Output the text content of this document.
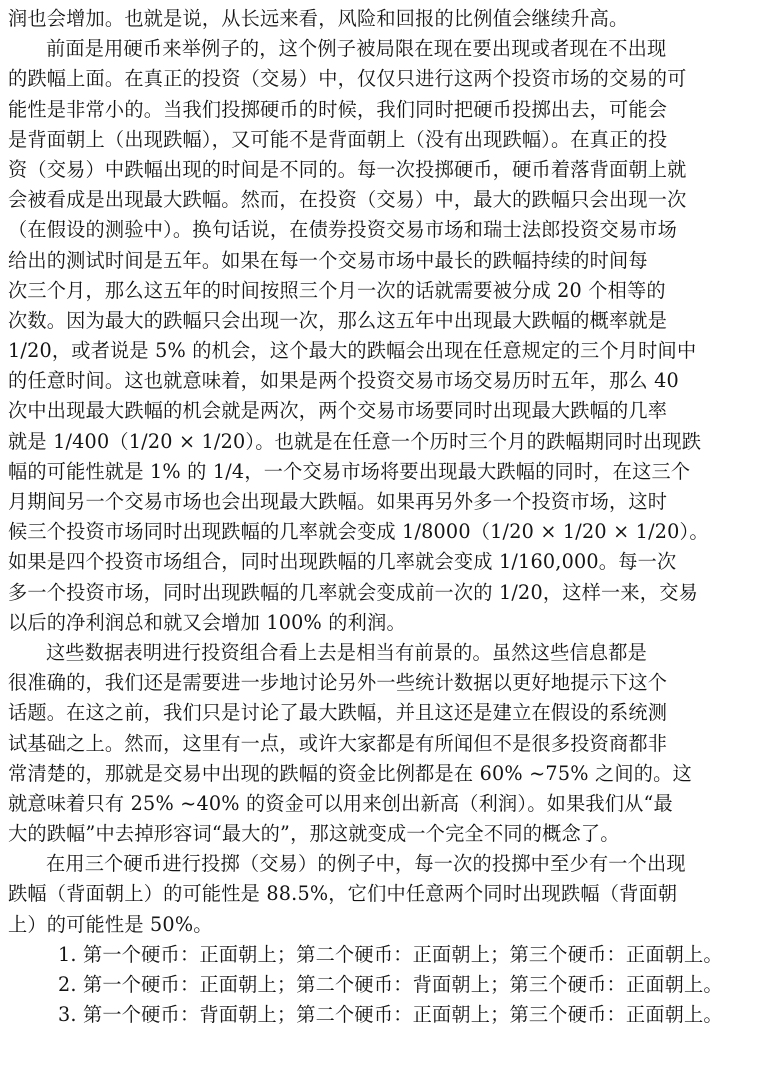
润也会增加。也就是说，从长远来看，风险和回报的比例值会继续升高。
前面是用硬币来举例子的，这个例子被局限在现在要出现或者现在不出现
的跌幅上面。在真正的投资（交易）中，仅仅只进行这两个投资市场的交易的可
能性是非常小的。当我们投掷硬币的时候，我们同时把硬币投掷出去，可能会
是背面朝上（出现跌幅），又可能不是背面朝上（没有出现跌幅）。在真正的投
资（交易）中跌幅出现的时间是不同的。每一次投掷硬币，硬币着落背面朝上就
会被看成是出现最大跌幅。然而，在投资（交易）中，最大的跌幅只会出现一次
（在假设的测验中）。换句话说，在债券投资交易市场和瑞士法郎投资交易市场
给出的测试时间是五年。如果在每一个交易市场中最长的跌幅持续的时间每
次三个月，那么这五年的时间按照三个月一次的话就需要被分成 20 个相等的
次数。因为最大的跌幅只会出现一次，那么这五年中出现最大跌幅的概率就是
1/20，或者说是 5% 的机会，这个最大的跌幅会出现在任意规定的三个月时间中
的任意时间。这也就意味着，如果是两个投资交易市场交易历时五年，那么 40
次中出现最大跌幅的机会就是两次，两个交易市场要同时出现最大跌幅的几率
就是 1/400（1/20 × 1/20）。也就是在任意一个历时三个月的跌幅期同时出现跌
幅的可能性就是 1% 的 1/4，一个交易市场将要出现最大跌幅的同时，在这三个
月期间另一个交易市场也会出现最大跌幅。如果再另外多一个投资市场，这时
候三个投资市场同时出现跌幅的几率就会变成 1/8000（1/20 × 1/20 × 1/20）。
如果是四个投资市场组合，同时出现跌幅的几率就会变成 1/160,000。每一次
多一个投资市场，同时出现跌幅的几率就会变成前一次的 1/20，这样一来，交易
以后的净利润总和就又会增加 100% 的利润。
这些数据表明进行投资组合看上去是相当有前景的。虽然这些信息都是
很准确的，我们还是需要进一步地讨论另外一些统计数据以更好地提示下这个
话题。在这之前，我们只是讨论了最大跌幅，并且这还是建立在假设的系统测
试基础之上。然而，这里有一点，或许大家都是有所闻但不是很多投资商都非
常清楚的，那就是交易中出现的跌幅的资金比例都是在 60% ~75% 之间的。这
就意味着只有 25% ~40% 的资金可以用来创出新高（利润）。如果我们从“最
大的跌幅”中去掉形容词“最大的”，那这就变成一个完全不同的概念了。
在用三个硬币进行投掷（交易）的例子中，每一次的投掷中至少有一个出现
跌幅（背面朝上）的可能性是 88.5%，它们中任意两个同时出现跌幅（背面朝
上）的可能性是 50%。
1. 第一个硬币：正面朝上；第二个硬币：正面朝上；第三个硬币：正面朝上。
2. 第一个硬币：正面朝上；第二个硬币：背面朝上；第三个硬币：正面朝上。
3. 第一个硬币：背面朝上；第二个硬币：正面朝上；第三个硬币：正面朝上。
